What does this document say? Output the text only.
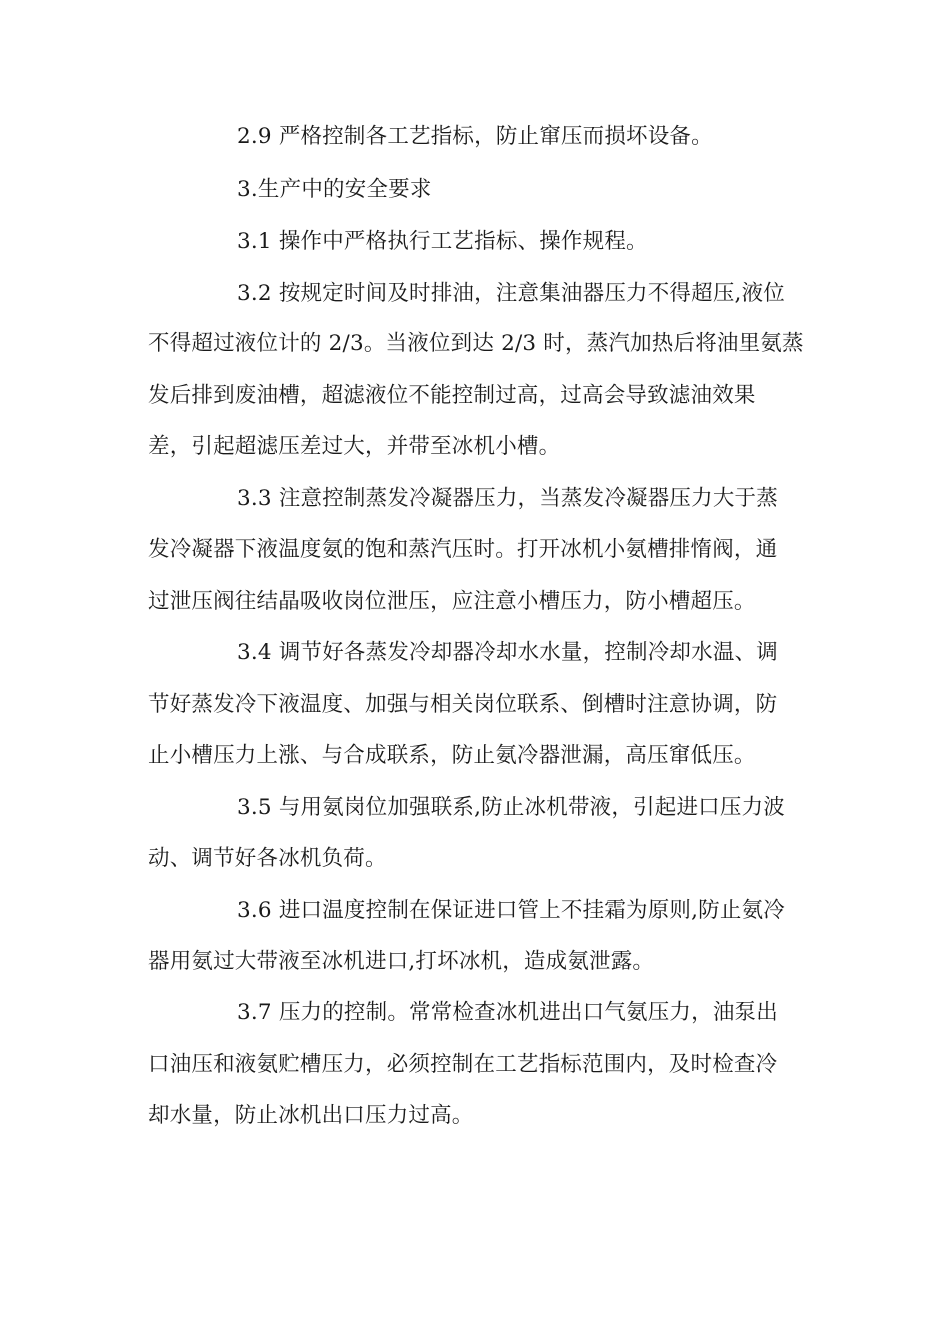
2.9 严格控制各工艺指标，防止窜压而损坏设备。
3.生产中的安全要求
3.1 操作中严格执行工艺指标、操作规程。
3.2 按规定时间及时排油，注意集油器压力不得超压,液位
不得超过液位计的 2/3。当液位到达 2/3 时，蒸汽加热后将油里氨蒸
发后排到废油槽，超滤液位不能控制过高，过高会导致滤油效果
差，引起超滤压差过大，并带至冰机小槽。
3.3 注意控制蒸发冷凝器压力，当蒸发冷凝器压力大于蒸
发冷凝器下液温度氨的饱和蒸汽压时。打开冰机小氨槽排惰阀，通
过泄压阀往结晶吸收岗位泄压，应注意小槽压力，防小槽超压。
3.4 调节好各蒸发冷却器冷却水水量，控制冷却水温、调
节好蒸发冷下液温度、加强与相关岗位联系、倒槽时注意协调，防
止小槽压力上涨、与合成联系，防止氨冷器泄漏，高压窜低压。
3.5 与用氨岗位加强联系,防止冰机带液，引起进口压力波
动、调节好各冰机负荷。
3.6 进口温度控制在保证进口管上不挂霜为原则,防止氨冷
器用氨过大带液至冰机进口,打坏冰机，造成氨泄露。
3.7 压力的控制。常常检查冰机进出口气氨压力，油泵出
口油压和液氨贮槽压力，必须控制在工艺指标范围内，及时检查冷
却水量，防止冰机出口压力过高。
